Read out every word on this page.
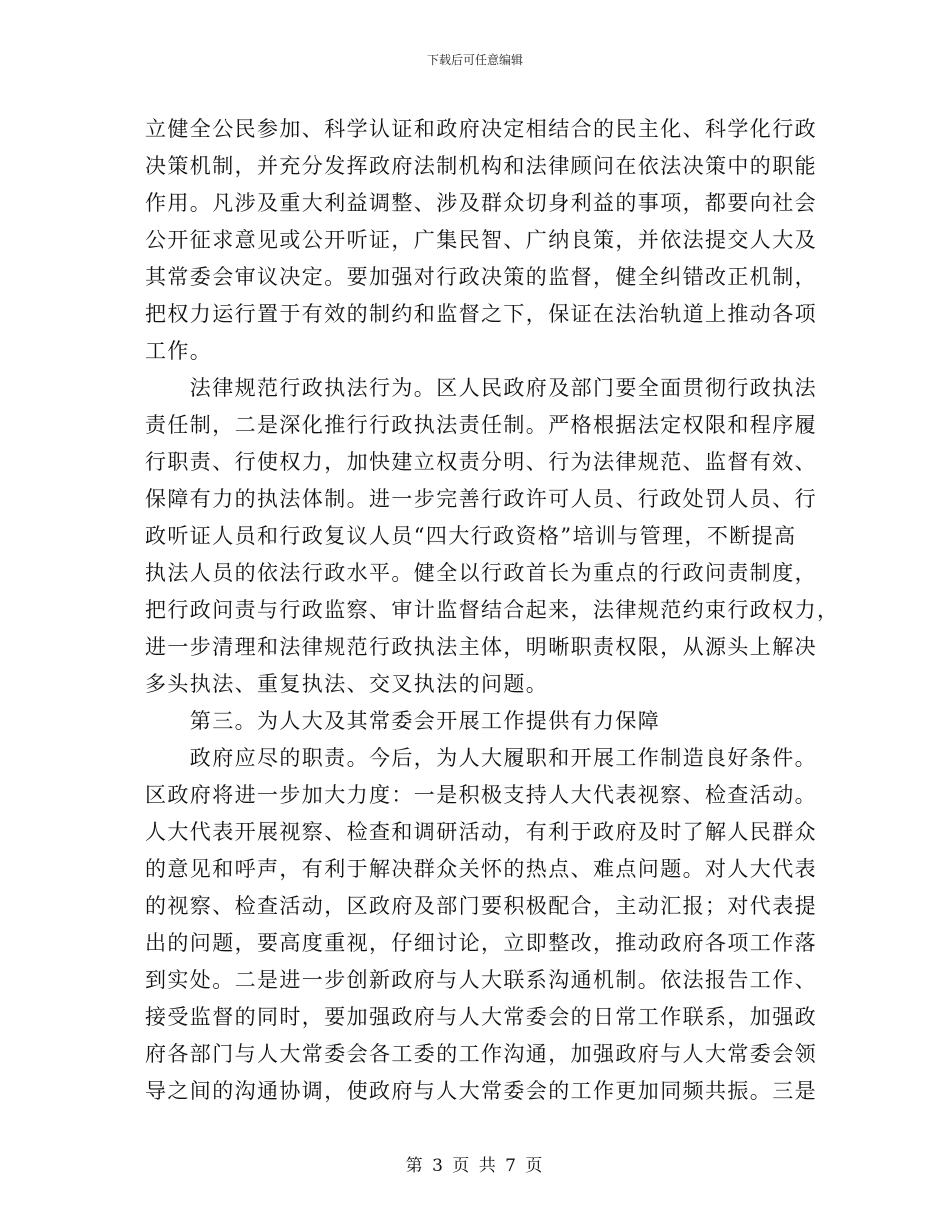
下载后可任意编辑
立健全公民参加、科学认证和政府决定相结合的民主化、科学化行政
决策机制，并充分发挥政府法制机构和法律顾问在依法决策中的职能
作用。凡涉及重大利益调整、涉及群众切身利益的事项，都要向社会
公开征求意见或公开听证，广集民智、广纳良策，并依法提交人大及
其常委会审议决定。要加强对行政决策的监督，健全纠错改正机制，
把权力运行置于有效的制约和监督之下，保证在法治轨道上推动各项
工作。
　　法律规范行政执法行为。区人民政府及部门要全面贯彻行政执法
责任制，二是深化推行行政执法责任制。严格根据法定权限和程序履
行职责、行使权力，加快建立权责分明、行为法律规范、监督有效、
保障有力的执法体制。进一步完善行政许可人员、行政处罚人员、行
政听证人员和行政复议人员“四大行政资格”培训与管理，不断提高
执法人员的依法行政水平。健全以行政首长为重点的行政问责制度，
把行政问责与行政监察、审计监督结合起来，法律规范约束行政权力，
进一步清理和法律规范行政执法主体，明晰职责权限，从源头上解决
多头执法、重复执法、交叉执法的问题。
　　第三。为人大及其常委会开展工作提供有力保障
　　政府应尽的职责。今后，为人大履职和开展工作制造良好条件。
区政府将进一步加大力度：一是积极支持人大代表视察、检查活动。
人大代表开展视察、检查和调研活动，有利于政府及时了解人民群众
的意见和呼声，有利于解决群众关怀的热点、难点问题。对人大代表
的视察、检查活动，区政府及部门要积极配合，主动汇报；对代表提
出的问题，要高度重视，仔细讨论，立即整改，推动政府各项工作落
到实处。二是进一步创新政府与人大联系沟通机制。依法报告工作、
接受监督的同时，要加强政府与人大常委会的日常工作联系，加强政
府各部门与人大常委会各工委的工作沟通，加强政府与人大常委会领
导之间的沟通协调，使政府与人大常委会的工作更加同频共振。三是
第 3 页 共 7 页
